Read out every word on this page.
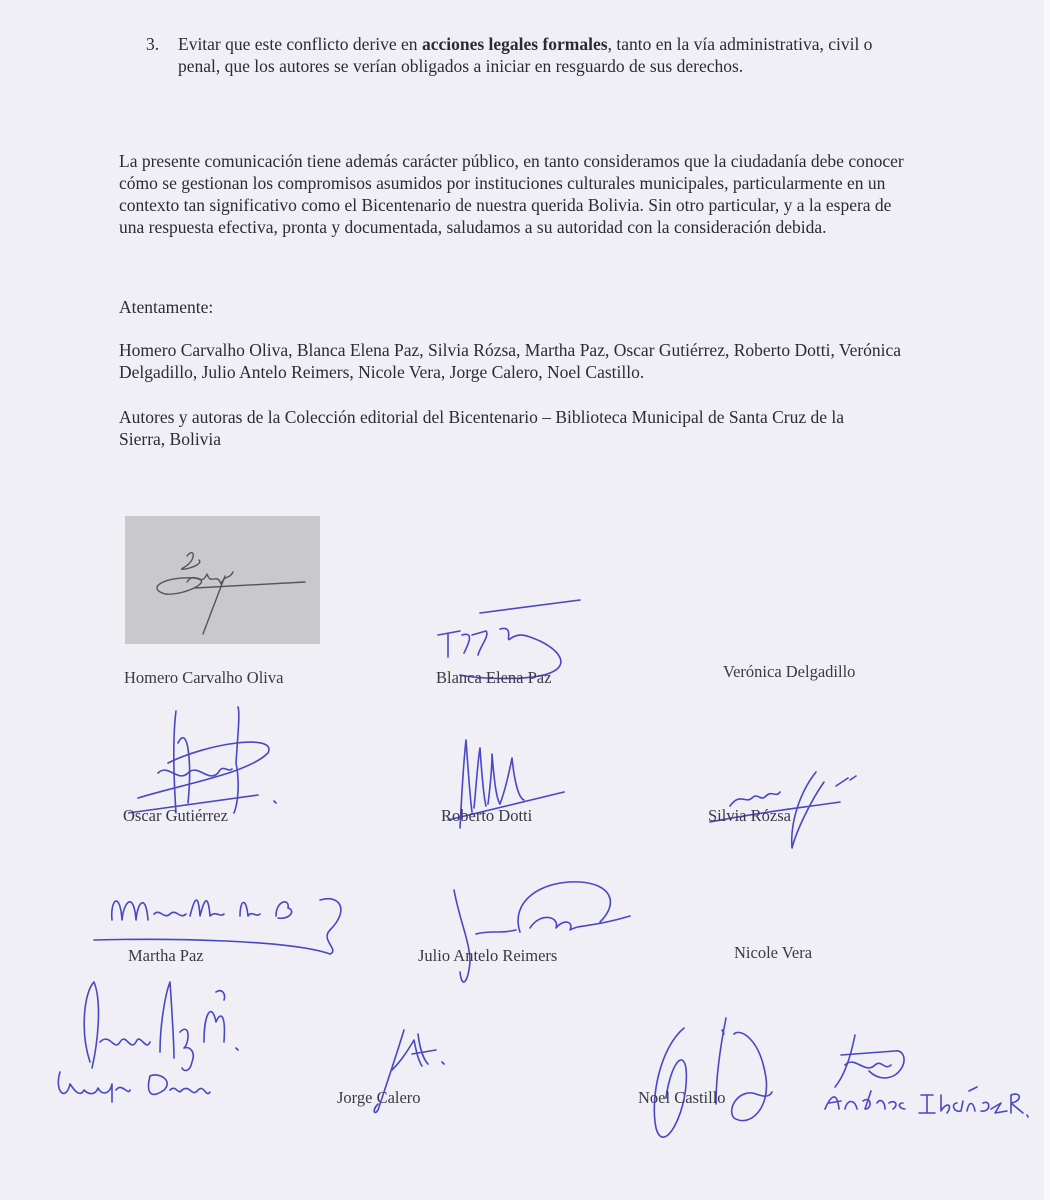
3. Evitar que este conflicto derive en acciones legales formales, tanto en la vía administrativa, civil o penal, que los autores se verían obligados a iniciar en resguardo de sus derechos.
La presente comunicación tiene además carácter público, en tanto consideramos que la ciudadanía debe conocer cómo se gestionan los compromisos asumidos por instituciones culturales municipales, particularmente en un contexto tan significativo como el Bicentenario de nuestra querida Bolivia. Sin otro particular, y a la espera de una respuesta efectiva, pronta y documentada, saludamos a su autoridad con la consideración debida.
Atentamente:
Homero Carvalho Oliva, Blanca Elena Paz, Silvia Rózsa, Martha Paz, Oscar Gutiérrez, Roberto Dotti, Verónica Delgadillo, Julio Antelo Reimers, Nicole Vera, Jorge Calero, Noel Castillo.
Autores y autoras de la Colección editorial del Bicentenario – Biblioteca Municipal de Santa Cruz de la Sierra, Bolivia
Homero Carvalho Oliva	Blanca Elena Paz	Verónica Delgadillo
Oscar Gutiérrez	Roberto Dotti	Silvia Rózsa
Martha Paz	Julio Antelo Reimers	Nicole Vera
Jorge Calero	Noel Castillo
